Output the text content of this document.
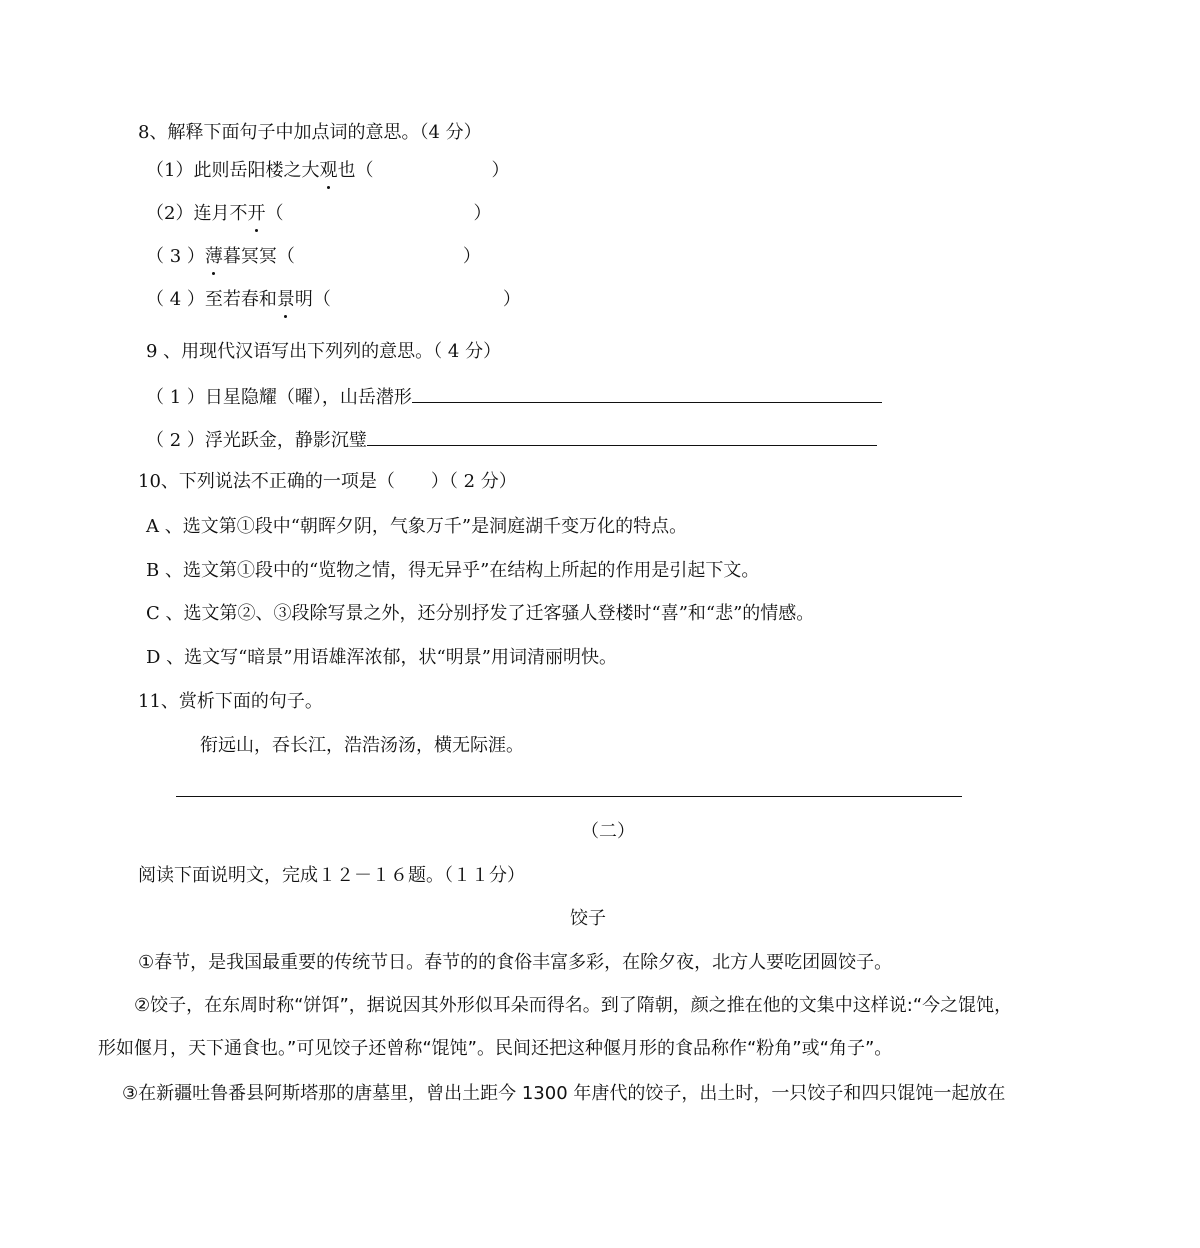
8、解释下面句子中加点词的意思。（4 分）
（1）此则岳阳楼之大观也（	）
（2）连月不开（	）
（ 3 ）薄暮冥冥（	）
（ 4 ）至若春和景明（	）
9 、用现代汉语写出下列列的意思。（ 4 分）
（ 1 ）日星隐耀（曜），山岳潜形
（ 2 ）浮光跃金，静影沉璧
10、下列说法不正确的一项是（　　）（ 2 分）
A 、选文第①段中“朝晖夕阴，气象万千”是洞庭湖千变万化的特点。
B 、选文第①段中的“览物之情，得无异乎”在结构上所起的作用是引起下文。
C 、选文第②、③段除写景之外，还分别抒发了迁客骚人登楼时“喜”和“悲”的情感。
D 、选文写“暗景”用语雄浑浓郁，状“明景”用词清丽明快。
11、赏析下面的句子。
衔远山，吞长江，浩浩汤汤，横无际涯。
（二）
阅读下面说明文，完成１２－１６题。（１１分）
饺子
①春节，是我国最重要的传统节日。春节的的食俗丰富多彩，在除夕夜，北方人要吃团圆饺子。
②饺子，在东周时称“饼饵”，据说因其外形似耳朵而得名。到了隋朝，颜之推在他的文集中这样说:“今之馄饨，
形如偃月，天下通食也。”可见饺子还曾称“馄饨”。民间还把这种偃月形的食品称作“粉角”或“角子”。
③在新疆吐鲁番县阿斯塔那的唐墓里，曾出土距今 1300 年唐代的饺子，出土时，一只饺子和四只馄饨一起放在
